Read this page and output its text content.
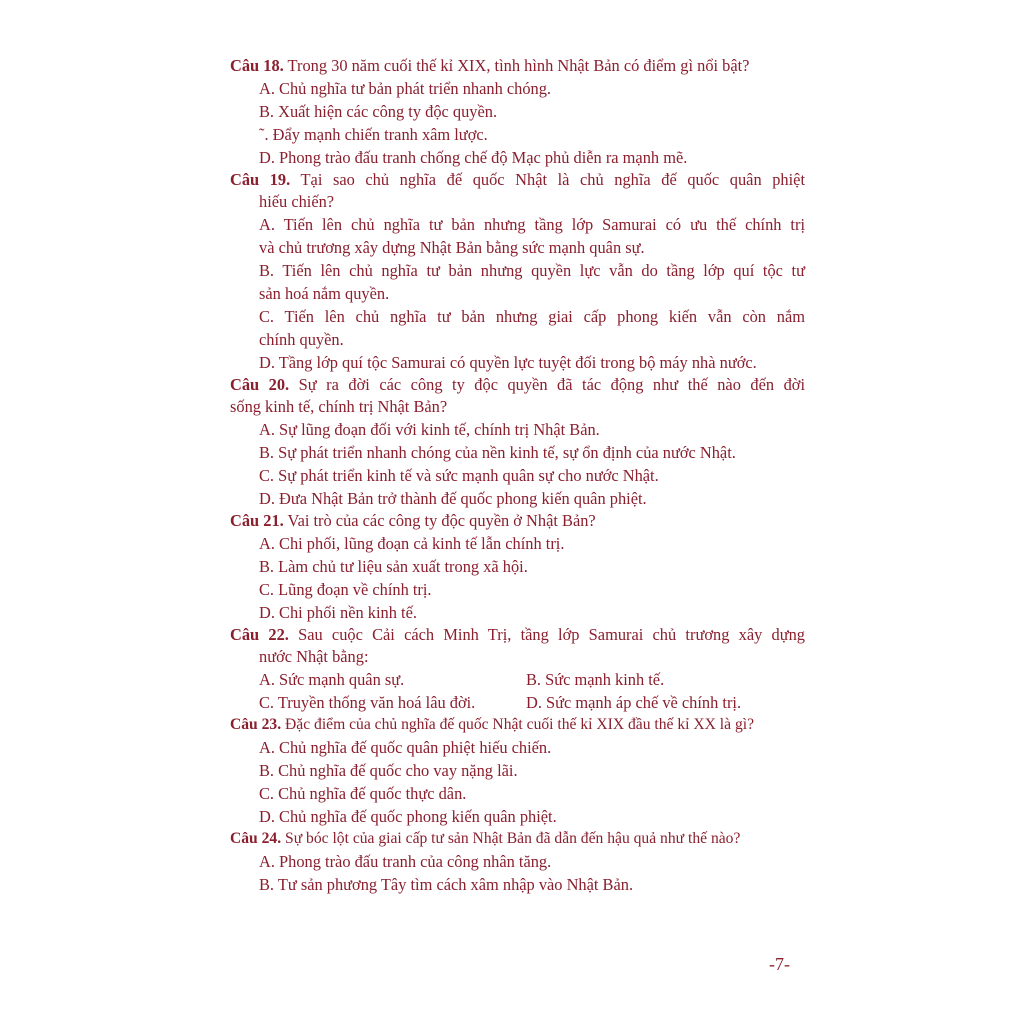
Câu 18. Trong 30 năm cuối thế kỉ XIX, tình hình Nhật Bản có điểm gì nổi bật?

A. Chủ nghĩa tư bản phát triển nhanh chóng.

B. Xuất hiện các công ty độc quyền.

˜. Đẩy mạnh chiến tranh xâm lược.

D. Phong trào đấu tranh chống chế độ Mạc phủ diễn ra mạnh mẽ.

Câu 19. Tại sao chủ nghĩa đế quốc Nhật là chủ nghĩa đế quốc quân phiệt
hiếu chiến?

A. Tiến lên chủ nghĩa tư bản nhưng tầng lớp Samurai có ưu thế chính trị
và chủ trương xây dựng Nhật Bản bằng sức mạnh quân sự.

B. Tiến lên chủ nghĩa tư bản nhưng quyền lực vẫn do tầng lớp quí tộc tư
sản hoá nắm quyền.

C. Tiến lên chủ nghĩa tư bản nhưng giai cấp phong kiến vẫn còn nắm
chính quyền.

D. Tầng lớp quí tộc Samurai có quyền lực tuyệt đối trong bộ máy nhà nước.

Câu 20. Sự ra đời các công ty độc quyền đã tác động như thế nào đến đời
sống kinh tế, chính trị Nhật Bản?

A. Sự lũng đoạn đối với kinh tế, chính trị Nhật Bản.

B. Sự phát triển nhanh chóng của nền kinh tế, sự ổn định của nước Nhật.

C. Sự phát triển kinh tế và sức mạnh quân sự cho nước Nhật.

D. Đưa Nhật Bản trở thành đế quốc phong kiến quân phiệt.

Câu 21. Vai trò của các công ty độc quyền ở Nhật Bản?

A. Chi phối, lũng đoạn cả kinh tế lẫn chính trị.

B. Làm chủ tư liệu sản xuất trong xã hội.

C. Lũng đoạn về chính trị.

D. Chi phối nền kinh tế.

Câu 22. Sau cuộc Cải cách Minh Trị, tầng lớp Samurai chủ trương xây dựng
nước Nhật bằng:

A. Sức mạnh quân sự.	B. Sức mạnh kinh tế.
C. Truyền thống văn hoá lâu đời.	D. Sức mạnh áp chế về chính trị.

Câu 23. Đặc điểm của chủ nghĩa đế quốc Nhật cuối thế kỉ XIX đầu thế kỉ XX là gì?

A. Chủ nghĩa đế quốc quân phiệt hiếu chiến.

B. Chủ nghĩa đế quốc cho vay nặng lãi.

C. Chủ nghĩa đế quốc thực dân.

D. Chủ nghĩa đế quốc phong kiến quân phiệt.

Câu 24. Sự bóc lột của giai cấp tư sản Nhật Bản đã dẫn đến hậu quả như thế nào?

A. Phong trào đấu tranh của công nhân tăng.

B. Tư sản phương Tây tìm cách xâm nhập vào Nhật Bản.

-7-
